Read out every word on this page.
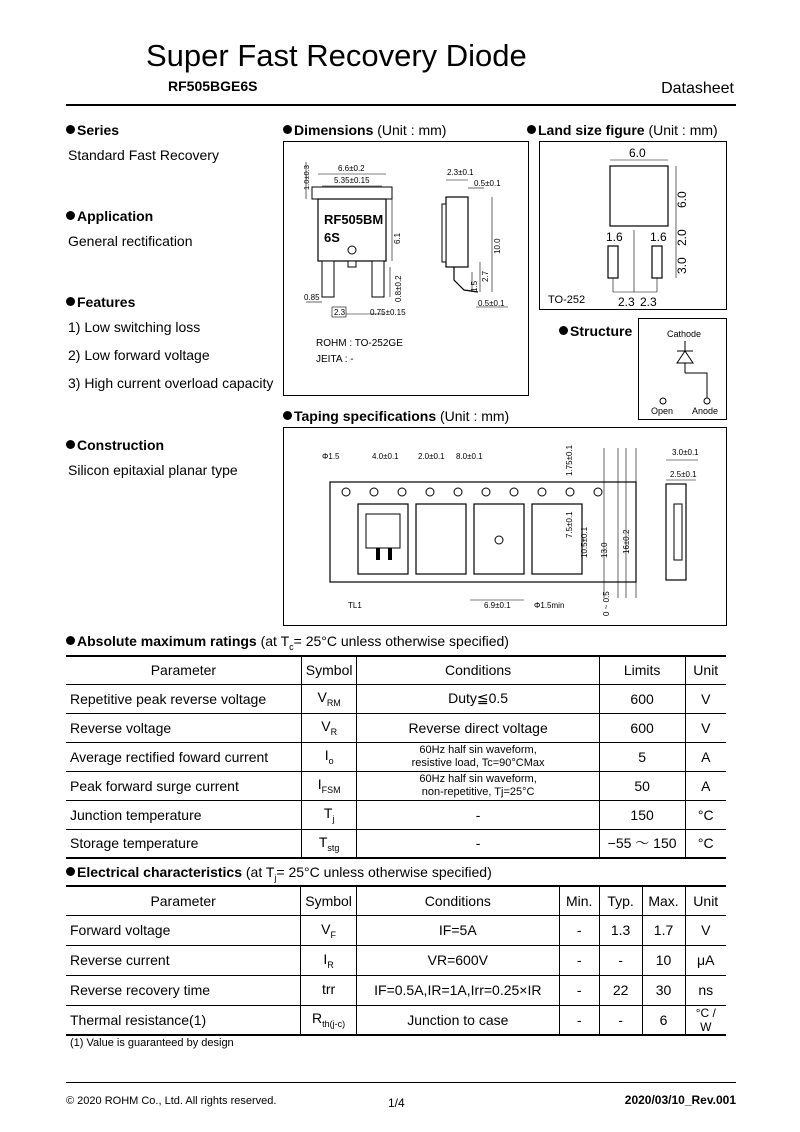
Super Fast Recovery Diode
RF505BGE6S	Datasheet
Series
Standard Fast Recovery
Application
General rectification
Features
1) Low switching loss
2) Low forward voltage
3) High current overload capacity
Construction
Silicon epitaxial planar type
Dimensions (Unit : mm)
6.6±0.2
5.35±0.15
1.0±0.3
6.1
0.8±0.2
0.85
2.3	0.75±0.15
RF505BM
6S
2.3±0.1
0.5±0.1
10.0
1.5
2.7
0.5±0.1
ROHM : TO-252GE
JEITA : -
Land size figure (Unit : mm)
6.0
6.0
1.6 1.6 2.0
3.0
2.3 2.3
TO-252
Structure	Cathode
Open Anode
Taping specifications (Unit : mm)
Φ1.5	4.0±0.1 2.0±0.1 8.0±0.1	1.75±0.1
7.5±0.1
10.5±0.1 13.0 16±0.2
0 ~ 0.5
3.0±0.1
2.5±0.1
TL1	6.9±0.1	Φ1.5min
Absolute maximum ratings (at $T_c= 25^\circ C$ unless otherwise specified)
Parameter	Symbol	Conditions	Limits	Unit
Repetitive peak reverse voltage	$V_{RM}$	Duty≦0.5	600	V
Reverse voltage	$V_R$	Reverse direct voltage	600	V
Average rectified foward current	$I_o$	60Hz half sin waveform,
resistive load, Tc=90°CMax	5	A
Peak forward surge current	$I_{FSM}$	60Hz half sin waveform,
non-repetitive, Tj=25°C	50	A
Junction temperature	$T_j$	-	150	°C
Storage temperature	$T_{stg}$	-	−55 ～ 150	°C
Electrical characteristics (at $T_j= 25^\circ C$ unless otherwise specified)
Parameter	Symbol	Conditions	Min.	Typ.	Max.	Unit
Forward voltage	$V_F$	IF=5A	-	1.3	1.7	V
Reverse current	$I_R$	VR=600V	-	-	10	μA
Reverse recovery time	trr	IF=0.5A,IR=1A,Irr=0.25×IR	-	22	30	ns
Thermal resistance(1)	$R_{th(j-c)}$	Junction to case	-	-	6	°C / W
(1) Value is guaranteed by design
© 2020 ROHM Co., Ltd. All rights reserved.	1/4	2020/03/10_Rev.001
